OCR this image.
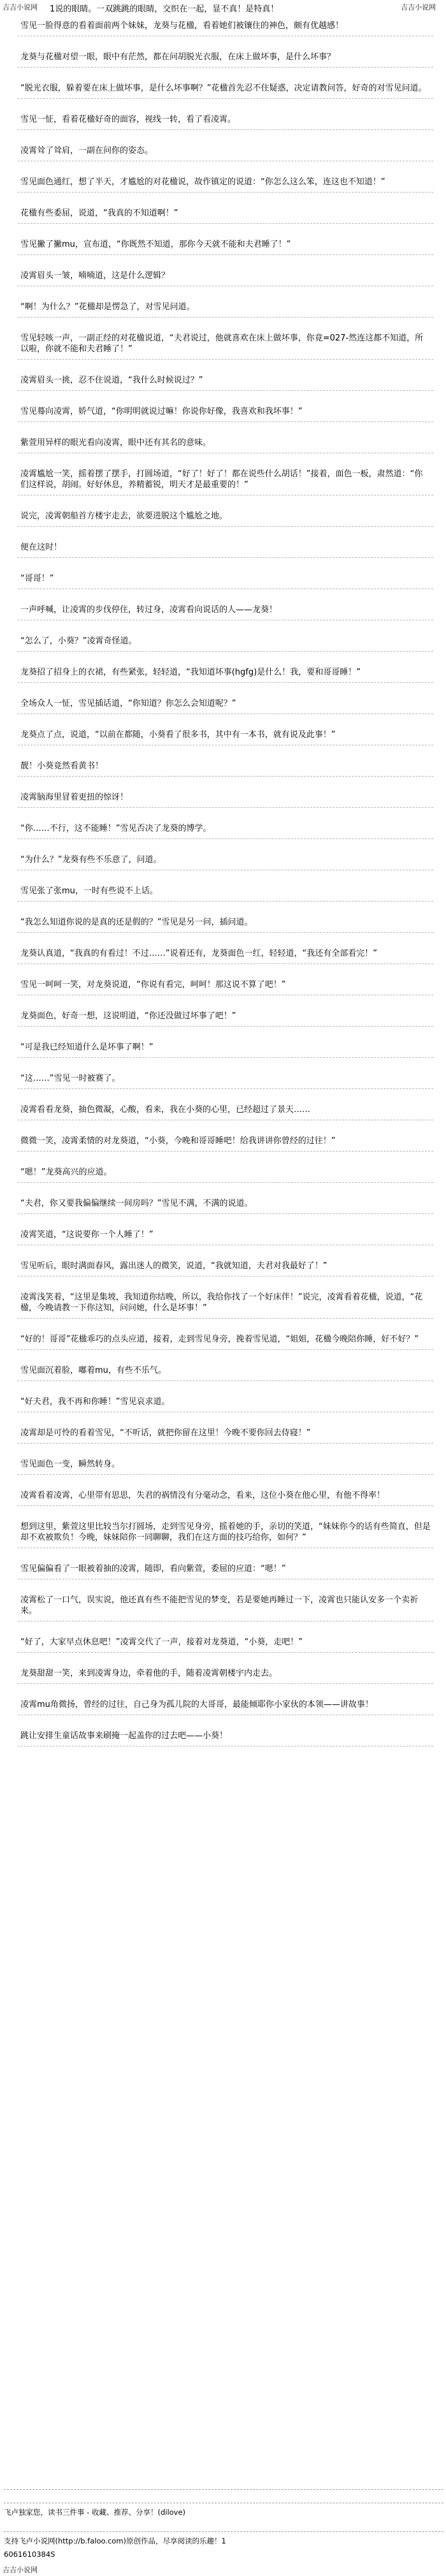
吉吉小说网 1说的眼睛。一双跳跳的眼睛，交织在一起，显不真！是特真！	吉吉小说网
雪见一脸得意的看着面前两个妹妹，龙葵与花楹，看着她们被镶住的神色，颇有优越感！
龙葵与花楹对望一眼，眼中有茫然，都在问胡脱光衣服，在床上做坏事，是什么坏事？
“脱光衣服，躲着要在床上做坏事，是什么坏事啊？”花楹首先忍不住疑惑，决定请教问答，好奇的对雪见问道。
雪见一怔，看着花楹好奇的面容，视线一转，看了看凌霄。
凌霄耸了耸肩，一副在问你的姿态。
雪见面色通红，想了半天，才尴尬的对花楹说，故作镇定的说道：“你怎么这么笨，连这也不知道！”
花楹有些委屈，说道，“我真的不知道啊！”
雪见撇了撇mu，宣布道，“你既然不知道，那你今天就不能和夫君睡了！”
凌霄眉头一皱，喃喃道，这是什么逻辑？
“啊！为什么？”花楹却是愣急了，对雪见问道。
雪见轻咳一声，一副正经的对花楹说道，“夫君说过，他就喜欢在床上做坏事，你竟=027-然连这都不知道，所以啦，你就不能和夫君睡了！”
凌霄眉头一挑，忍不住说道，“我什么时候说过？”
雪见蓦向凌霄，娇气道，“你明明就说过嘛！你说你好像，我喜欢和我坏事！”
紫萱用异样的眼光看向凌霄，眼中还有其名的意味。
凌霄尴尬一笑，摇着摆了摆手，打圆场道，“好了！好了！都在说些什么胡话！”接着，面色一板，肃然道：“你们这样说，胡闹。好好休息，养精蓄锐，明天才是最重要的！”
说完，凌霄朝船首方楼宇走去，欲要进脱这个尴尬之地。
便在这时！
“哥哥！”
一声呼喊，让凌霄的步伐停住，转过身，凌霄看向说话的人——龙葵！
“怎么了，小葵？”凌霄奇怪道。
龙葵招了招身上的衣裙，有些紧张，轻轻道，“我知道坏事(hgfg)是什么！我，要和哥哥睡！”
全场众人一怔，雪见插话道，“你知道？你怎么会知道呢？”
龙葵点了点，说道，“以前在都随，小葵看了很多书，其中有一本书，就有说及此事！”
靓！小葵竟然看黄书！
凌霄脑海里冒着更扭的惊讶！
“你……不行，这不能睡！”雪见否决了龙葵的博学。
“为什么？”龙葵有些不乐意了，问道。
雪见张了张mu，一时有些说不上话。
“我怎么知道你说的是真的还是假的？”雪见是另一问，插问道。
龙葵认真道，“我真的有看过！不过……”说着还有，龙葵面色一红，轻轻道，“我还有全部看完！”
雪见一呵呵一笑，对龙葵说道，“你说有看完，呵呵！那这说不算了吧！”
龙葵面色，好奇一想，这说明道，“你还没做过坏事了吧！”
“可是我已经知道什么是坏事了啊！”
“这……”雪见一时被赛了。
凌霄看看龙葵，抽色微凝，心酸，看来，我在小葵的心里，已经超过了景天……
微微一笑，凌霄柔情的对龙葵道，“小葵，今晚和哥哥睡吧！给我讲讲你曾经的过往！”
“嗯！”龙葵高兴的应道。
“夫君，你又要我偏偏继续一间房吗？”雪见不满，不满的说道。
凌霄笑道，“这说要你一个人睡了！”
雪见听后，眼时满面春风，露出迷人的微笑，说道，“我就知道，夫君对我最好了！”
凌霄浅笑着，“这里是集坡，我知道你结晚，所以，我给你找了一个好床伴！”说完，凌霄看着花楹，说道，“花楹，今晚请教一下你这知，问问她，什么是坏事！”
“好的！哥哥”花楹乖巧的点头应道，接着，走到雪见身旁，挽着雪见道，“姐姐，花楹今晚陪你睡，好不好？”
雪见面沉着脸，嘟着mu，有些不乐气。
“好夫君，我不再和你睡！”雪见哀求道。
凌霄却是可怜的看着雪见，“不听话，就把你留在这里！今晚不要你回去侍寝！”
雪见面色一变，瞬然转身。
凌霄看着凌霄，心里带有思思，失君的祸情没有分毫动念，看来，这位小葵在他心里，有他不得率！
想到这里，紫萱这里比较当尔打圆场，走到雪见身旁，摇着她的手，亲切的笑道，“妹妹你今的话有些简直，但是却不欢被欺负！今晚，妹妹陪你一同聊聊，我们在这方面的技巧给你，如何？”
雪见偏偏看了一眼被着抽的凌霄，随即，看向紫萱，委屈的应道：“嗯！”
凌霄松了一口气，误实说，他还真有些不能把雪见的梦变，若是要她再睡过一下，凌霄也只能认安多一个卖祈来。
“好了，大家早点休息吧！”凌霄交代了一声，接着对龙葵道，“小葵，走吧！”
龙葵甜甜一笑，来到凌霄身边，牵着他的手，随着凌霄朝楼宇内走去。
凌霄mu角微扬，曾经的过往，自己身为孤儿院的大哥哥，最能倾耶你小家伙的本领——讲故事！
跳让安排生童话故事来刷掩一起盖你的过去吧——小葵！
飞卢独家您，读书三件事 - 收藏、推荐、分享！(dilove)
支持飞卢小说网(http://b.faloo.com)原创作品，尽享阅读的乐趣！1
6061610384S
吉吉小说网
